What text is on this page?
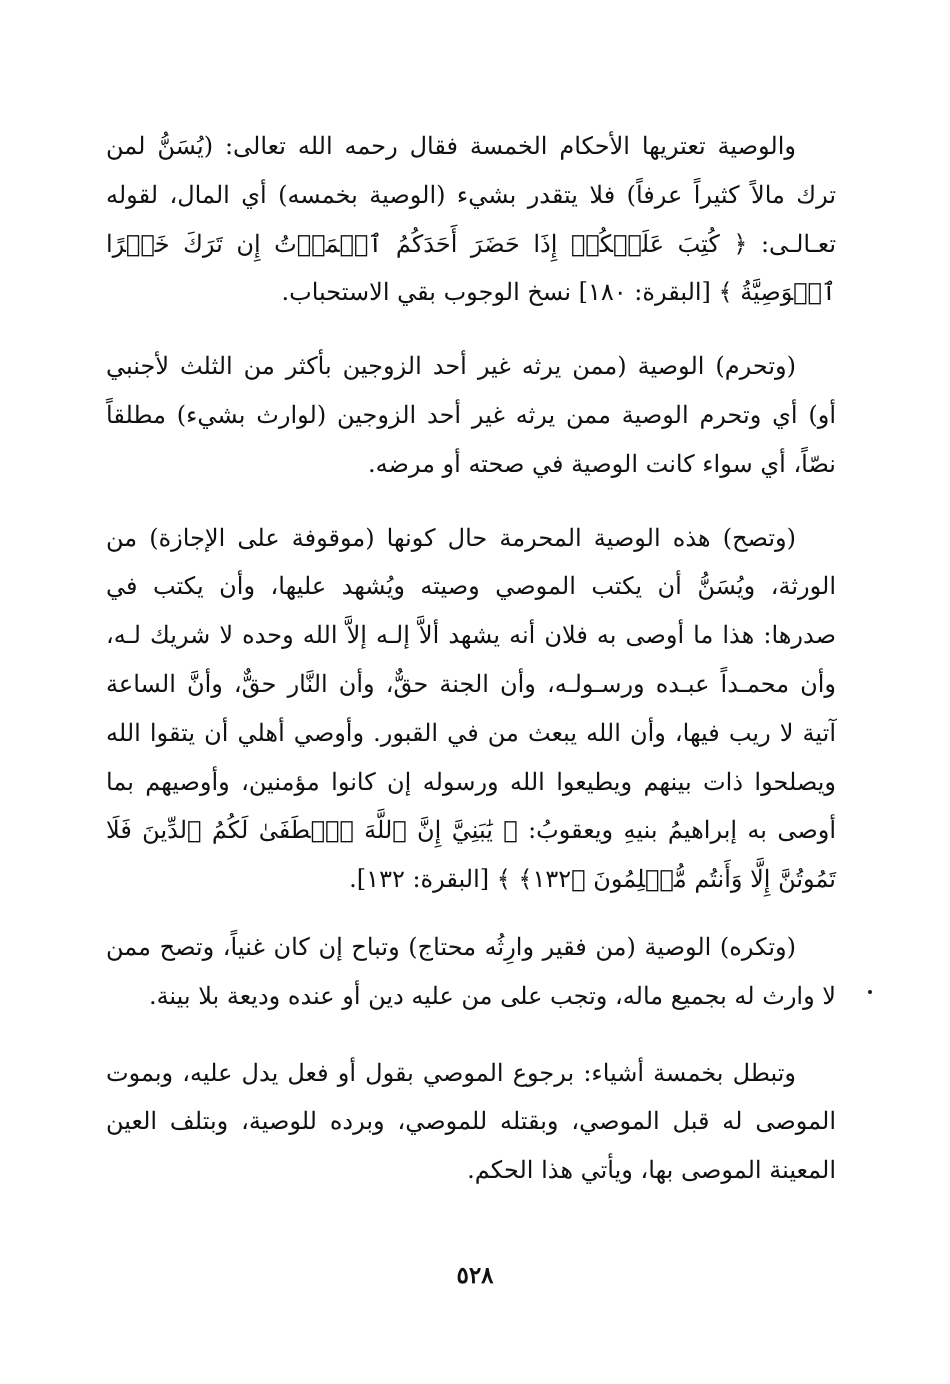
والوصية تعتريها الأحكام الخمسة فقال رحمه الله تعالى: (يُسَنُّ لمن ترك مالاً كثيراً عرفاً) فلا يتقدر بشيء (الوصية بخمسه) أي المال، لقوله تعـالـى: ﴿ كُتِبَ عَلَيۡكُمۡ إِذَا حَضَرَ أَحَدَكُمُ ٱلۡمَوۡتُ إِن تَرَكَ خَيۡرًا ٱلۡوَصِيَّةُ ﴾ [البقرة: ١٨٠] نسخ الوجوب بقي الاستحباب.

(وتحرم) الوصية (ممن يرثه غير أحد الزوجين بأكثر من الثلث لأجنبي أو) أي وتحرم الوصية ممن يرثه غير أحد الزوجين (لوارث بشيء) مطلقاً نصّاً، أي سواء كانت الوصية في صحته أو مرضه.

(وتصح) هذه الوصية المحرمة حال كونها (موقوفة على الإجازة) من الورثة، ويُسَنُّ أن يكتب الموصي وصيته ويُشهد عليها، وأن يكتب في صدرها: هذا ما أوصى به فلان أنه يشهد ألاَّ إلـه إلاَّ الله وحده لا شريك لـه، وأن محمـداً عبـده ورسـولـه، وأن الجنة حقٌّ، وأن النَّار حقٌّ، وأنَّ الساعة آتية لا ريب فيها، وأن الله يبعث من في القبور. وأوصي أهلي أن يتقوا الله ويصلحوا ذات بينهم ويطيعوا الله ورسوله إن كانوا مؤمنين، وأوصيهم بما أوصى به إبراهيمُ بنيهِ ويعقوبُ: ﴿ يَٰبَنِيَّ إِنَّ ٱللَّهَ ٱصۡطَفَىٰ لَكُمُ ٱلدِّينَ فَلَا تَمُوتُنَّ إِلَّا وَأَنتُم مُّسۡلِمُونَ ﴿١٣٢﴾ ﴾ [البقرة: ١٣٢].

(وتكره) الوصية (من فقير وارِثُه محتاج) وتباح إن كان غنياً، وتصح ممن لا وارث له بجميع ماله، وتجب على من عليه دين أو عنده وديعة بلا بينة.

وتبطل بخمسة أشياء: برجوع الموصي بقول أو فعل يدل عليه، وبموت الموصى له قبل الموصي، وبقتله للموصي، وبرده للوصية، وبتلف العين المعينة الموصى بها، ويأتي هذا الحكم.

٥٢٨
